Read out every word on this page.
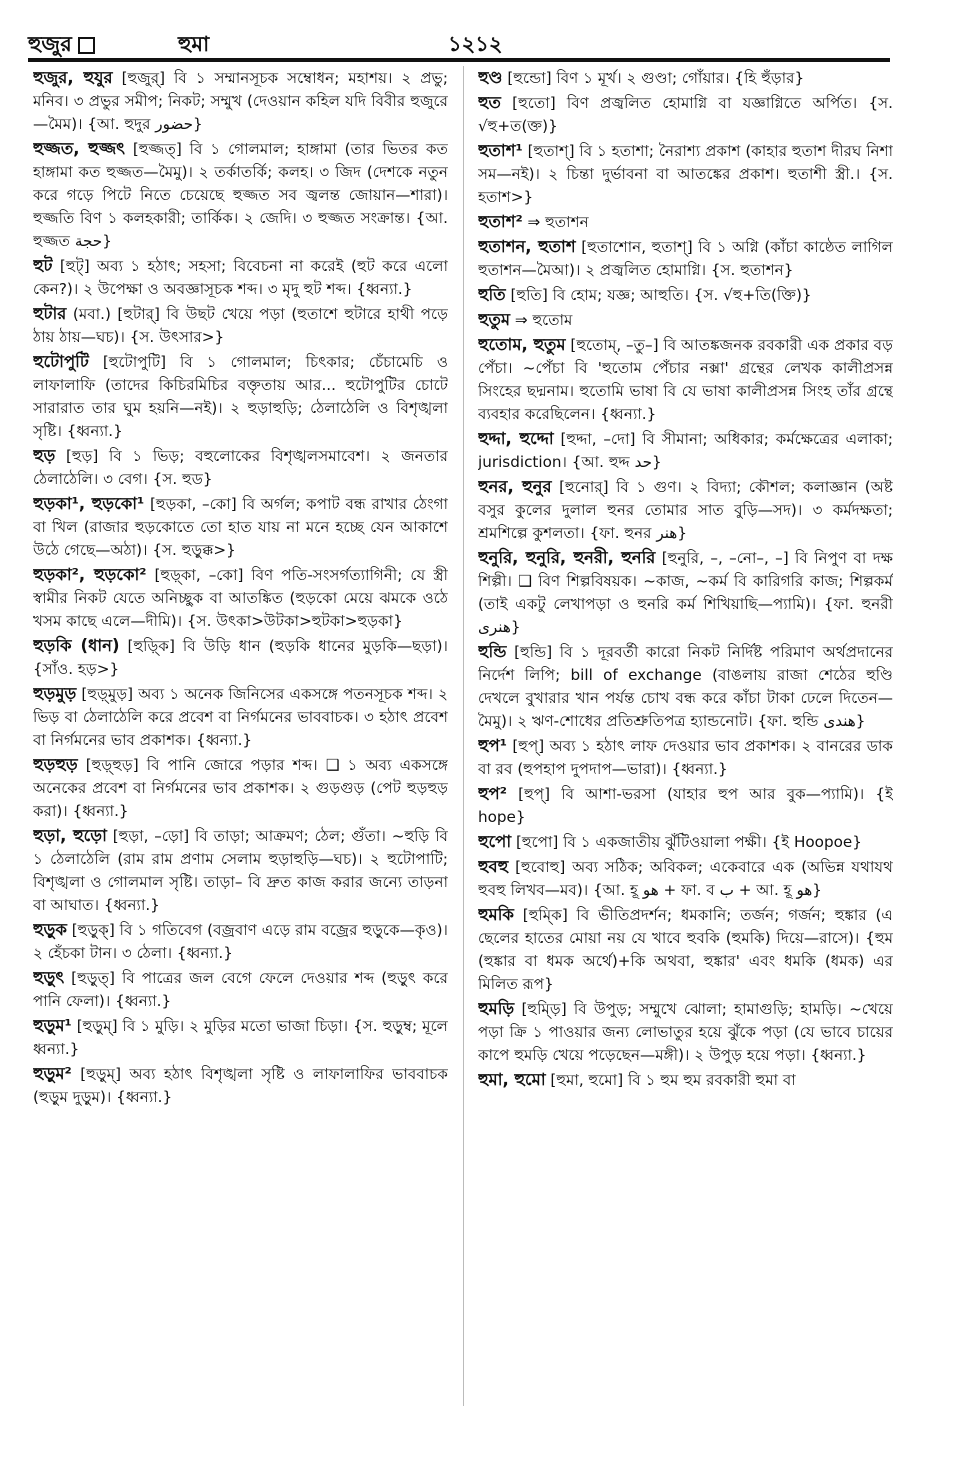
হুজুর	হুমা	১২১২

হুজুর, হুযুর [হুজুর্] বি ১ সম্মানসূচক সম্বোধন; মহাশয়। ২ প্রভু; মনিব। ৩ প্রভুর সমীপ; নিকট; সম্মুখ (দেওয়ান কহিল যদি বিবীর হুজুরে—মৈম)। {আ. হুদুর حضور}

হুজ্জত, হুজ্জৎ [হুজ্জত্] বি ১ গোলমাল; হাঙ্গামা (তার ভিতর কত হাঙ্গামা কত হুজ্জত—মৈমু)। ২ তর্কাতর্কি; কলহ। ৩ জিদ (দেশকে নতুন করে গড়ে পিটে নিতে চেয়েছে হুজ্জত সব জ্বলন্ত জোয়ান—শারা)। হুজ্জতি বিণ ১ কলহকারী; তার্কিক। ২ জেদি। ৩ হুজ্জত সংক্রান্ত। {আ. হুজ্জত حجة}

হুট [হুট্] অব্য ১ হঠাৎ; সহসা; বিবেচনা না করেই (হুট করে এলো কেন?)। ২ উপেক্ষা ও অবজ্ঞাসূচক শব্দ। ৩ মৃদু হুট শব্দ। {ধ্বন্যা.}

হুটার (মবা.) [হুটার্] বি উছট খেয়ে পড়া (হুতাশে হুটারে হাথী পড়ে ঠায় ঠায়—ঘচ)। {স. উৎসার>}

হুটোপুটি [হুটোপুটি] বি ১ গোলমাল; চিৎকার; চেঁচামেচি ও লাফালাফি (তাদের কিচিরমিচির বক্তৃতায় আর... হুটোপুটির চোটে সারারাত তার ঘুম হয়নি—নই)। ২ হুড়াহুড়ি; ঠেলাঠেলি ও বিশৃঙ্খলা সৃষ্টি। {ধ্বন্যা.}

হুড় [হুড়] বি ১ ভিড়; বহুলোকের বিশৃঙ্খলসমাবেশ। ২ জনতার ঠেলাঠেলি। ৩ বেগ। {স. হুড}

হুড়কা¹, হুড়কো¹ [হুড়কা, –কো] বি অর্গল; কপাট বন্ধ রাখার ঠেংগা বা খিল (রাজার হুড়কোতে তো হাত যায় না মনে হচ্ছে যেন আকাশে উঠে গেছে—অঠা)। {স. হুড়ুক্ক>}

হুড়কা², হুড়কো² [হুড়্কা, –কো] বিণ পতি-সংসর্গত্যাগিনী; যে স্ত্রী স্বামীর নিকট যেতে অনিচ্ছুক বা আতঙ্কিত (হুড়কো মেয়ে ঝমকে ওঠে খসম কাছে এলে—দীমি)। {স. উৎকা>উটকা>হুটকা>হুড়কা}

হুড়কি (ধান) [হুড়্কি] বি উড়ি ধান (হুড়কি ধানের মুড়কি—ছড়া)। {সাঁও. হড়>}

হুড়মুড় [হুড়্মুড়] অব্য ১ অনেক জিনিসের একসঙ্গে পতনসূচক শব্দ। ২ ভিড় বা ঠেলাঠেলি করে প্রবেশ বা নির্গমনের ভাববাচক। ৩ হঠাৎ প্রবেশ বা নির্গমনের ভাব প্রকাশক। {ধ্বন্যা.}

হুড়হুড় [হুড়্হুড়] বি পানি জোরে পড়ার শব্দ। ❑ ১ অব্য একসঙ্গে অনেকের প্রবেশ বা নির্গমনের ভাব প্রকাশক। ২ গুড়গুড় (পেট হুড়হুড় করা)। {ধ্বন্যা.}

হুড়া, হুড়ো [হুড়া, –ড়ো] বি তাড়া; আক্রমণ; ঠেল; গুঁতা। ~হুড়ি বি ১ ঠেলাঠেলি (রাম রাম প্রণাম সেলাম হুড়াহুড়ি—ঘচ)। ২ হুটোপাটি; বিশৃঙ্খলা ও গোলমাল সৃষ্টি। তাড়া– বি দ্রুত কাজ করার জন্যে তাড়না বা আঘাত। {ধ্বন্যা.}

হুড়ুক [হুড়ুক্] বি ১ গতিবেগ (বজ্রবাণ এড়ে রাম বজ্রের হুড়ুকে—কৃও)। ২ হেঁচকা টান। ৩ ঠেলা। {ধ্বন্যা.}

হুড়ুৎ [হুড়ুত্] বি পাত্রের জল বেগে ফেলে দেওয়ার শব্দ (হুড়ুৎ করে পানি ফেলা)। {ধ্বন্যা.}

হুড়ুম¹ [হুড়ুম্] বি ১ মুড়ি। ২ মুড়ির মতো ভাজা চিড়া। {স. হুড়ুম্ব; মূলে ধ্বন্যা.}

হুড়ুম² [হুড়ুম্] অব্য হঠাৎ বিশৃঙ্খলা সৃষ্টি ও লাফালাফির ভাববাচক (হুড়ুম দুড়ুম)। {ধ্বন্যা.}

হুণ্ড [হুন্ডো] বিণ ১ মূর্খ। ২ গুণ্ডা; গোঁয়ার। {হি হুঁড়ার}

হুত [হুতো] বিণ প্রজ্বলিত হোমাগ্নি বা যজ্ঞাগ্নিতে অর্পিত। {স. √হু+ত(ক্ত)}

হুতাশ¹ [হুতাশ্] বি ১ হতাশা; নৈরাশ্য প্রকাশ (কাহার হুতাশ দীরঘ নিশা সম—নই)। ২ চিন্তা দুর্ভাবনা বা আতঙ্কের প্রকাশ। হুতাশী স্ত্রী.। {স. হতাশ>}

হুতাশ² ⇒ হুতাশন

হুতাশন, হুতাশ [হুতাশোন, হুতাশ্] বি ১ অগ্নি (কাঁচা কাষ্ঠেত লাগিল হুতাশন—মৈআ)। ২ প্রজ্বলিত হোমাগ্নি। {স. হুতাশন}

হুতি [হুতি] বি হোম; যজ্ঞ; আহুতি। {স. √হু+তি(ক্তি)}

হুতুম ⇒ হুতোম

হুতোম, হুতুম [হুতোম্, –তু–] বি আতঙ্কজনক রবকারী এক প্রকার বড় পেঁচা। ~পেঁচা বি 'হুতোম পেঁচার নক্সা' গ্রন্থের লেখক কালীপ্রসন্ন সিংহের ছদ্মনাম। হুতোমি ভাষা বি যে ভাষা কালীপ্রসন্ন সিংহ তাঁর গ্রন্থে ব্যবহার করেছিলেন। {ধ্বন্যা.}

হুদ্দা, হুদ্দো [হুদ্দা, –দো] বি সীমানা; অধিকার; কর্মক্ষেত্রের এলাকা; jurisdiction। {আ. হুদ্দ حد}

হুনর, হুনুর [হুনোর্] বি ১ গুণ। ২ বিদ্যা; কৌশল; কলাজ্ঞান (অষ্ট বসুর কুলের দুলাল হুনর তোমার সাত বুড়ি—সদ)। ৩ কর্মদক্ষতা; শ্রমশিল্পে কুশলতা। {ফা. হুনর هنر}

হুনুরি, হুনুরি, হুনরী, হুনরি [হুনুরি, –, –নো–, –] বি নিপুণ বা দক্ষ শিল্পী। ❑ বিণ শিল্পবিষয়ক। ~কাজ, ~কর্ম বি কারিগরি কাজ; শিল্পকর্ম (তাই একটু লেখাপড়া ও হুনরি কর্ম শিখিয়াছি—প্যামি)। {ফা. হুনরী هنری}

হুন্ডি [হুন্ডি] বি ১ দূরবর্তী কারো নিকট নির্দিষ্ট পরিমাণ অর্থপ্রদানের নির্দেশ লিপি; bill of exchange (বাঙলায় রাজা শেঠের হুণ্ডি দেখলে বুখারার খান পর্যন্ত চোখ বন্ধ করে কাঁচা টাকা ঢেলে দিতেন—মৈমু)। ২ ঋণ-শোধের প্রতিশ্রুতিপত্র হ্যান্ডনোট। {ফা. হুন্ডি هندی}

হুপ¹ [হুপ্] অব্য ১ হঠাৎ লাফ দেওয়ার ভাব প্রকাশক। ২ বানরের ডাক বা রব (হুপহাপ দুপদাপ—ভারা)। {ধ্বন্যা.}

হুপ² [হুপ্] বি আশা-ভরসা (যাহার হুপ আর বুক—প্যামি)। {ই hope}

হুপো [হুপো] বি ১ একজাতীয় ঝুঁটিওয়ালা পক্ষী। {ই Hoopoe}

হুবহু [হুবোহু] অব্য সঠিক; অবিকল; একেবারে এক (অভিন্ন যথাযথ হুবহু লিখব—মব)। {আ. হূ هو + ফা. ব ب + আ. হূ هو}

হুমকি [হুম্কি] বি ভীতিপ্রদর্শন; ধমকানি; তর্জন; গর্জন; হুঙ্কার (এ ছেলের হাতের মোয়া নয় যে খাবে হুবকি (হুমকি) দিয়ে—রাসে)। {হুম (হুঙ্কার বা ধমক অর্থে)+কি অথবা, হুঙ্কার' এবং ধমকি (ধমক) এর মিলিত রূপ}

হুমড়ি [হুম্ড়ি] বি উপুড়; সম্মুখে ঝোলা; হামাগুড়ি; হামড়ি। ~খেয়ে পড়া ক্রি ১ পাওয়ার জন্য লোভাতুর হয়ে ঝুঁকে পড়া (যে ভাবে চায়ের কাপে হুমড়ি খেয়ে পড়েছেন—মঙ্গী)। ২ উপুড় হয়ে পড়া। {ধ্বন্যা.}

হুমা, হুমো [হুমা, হুমো] বি ১ হুম হুম রবকারী হুমা বা
